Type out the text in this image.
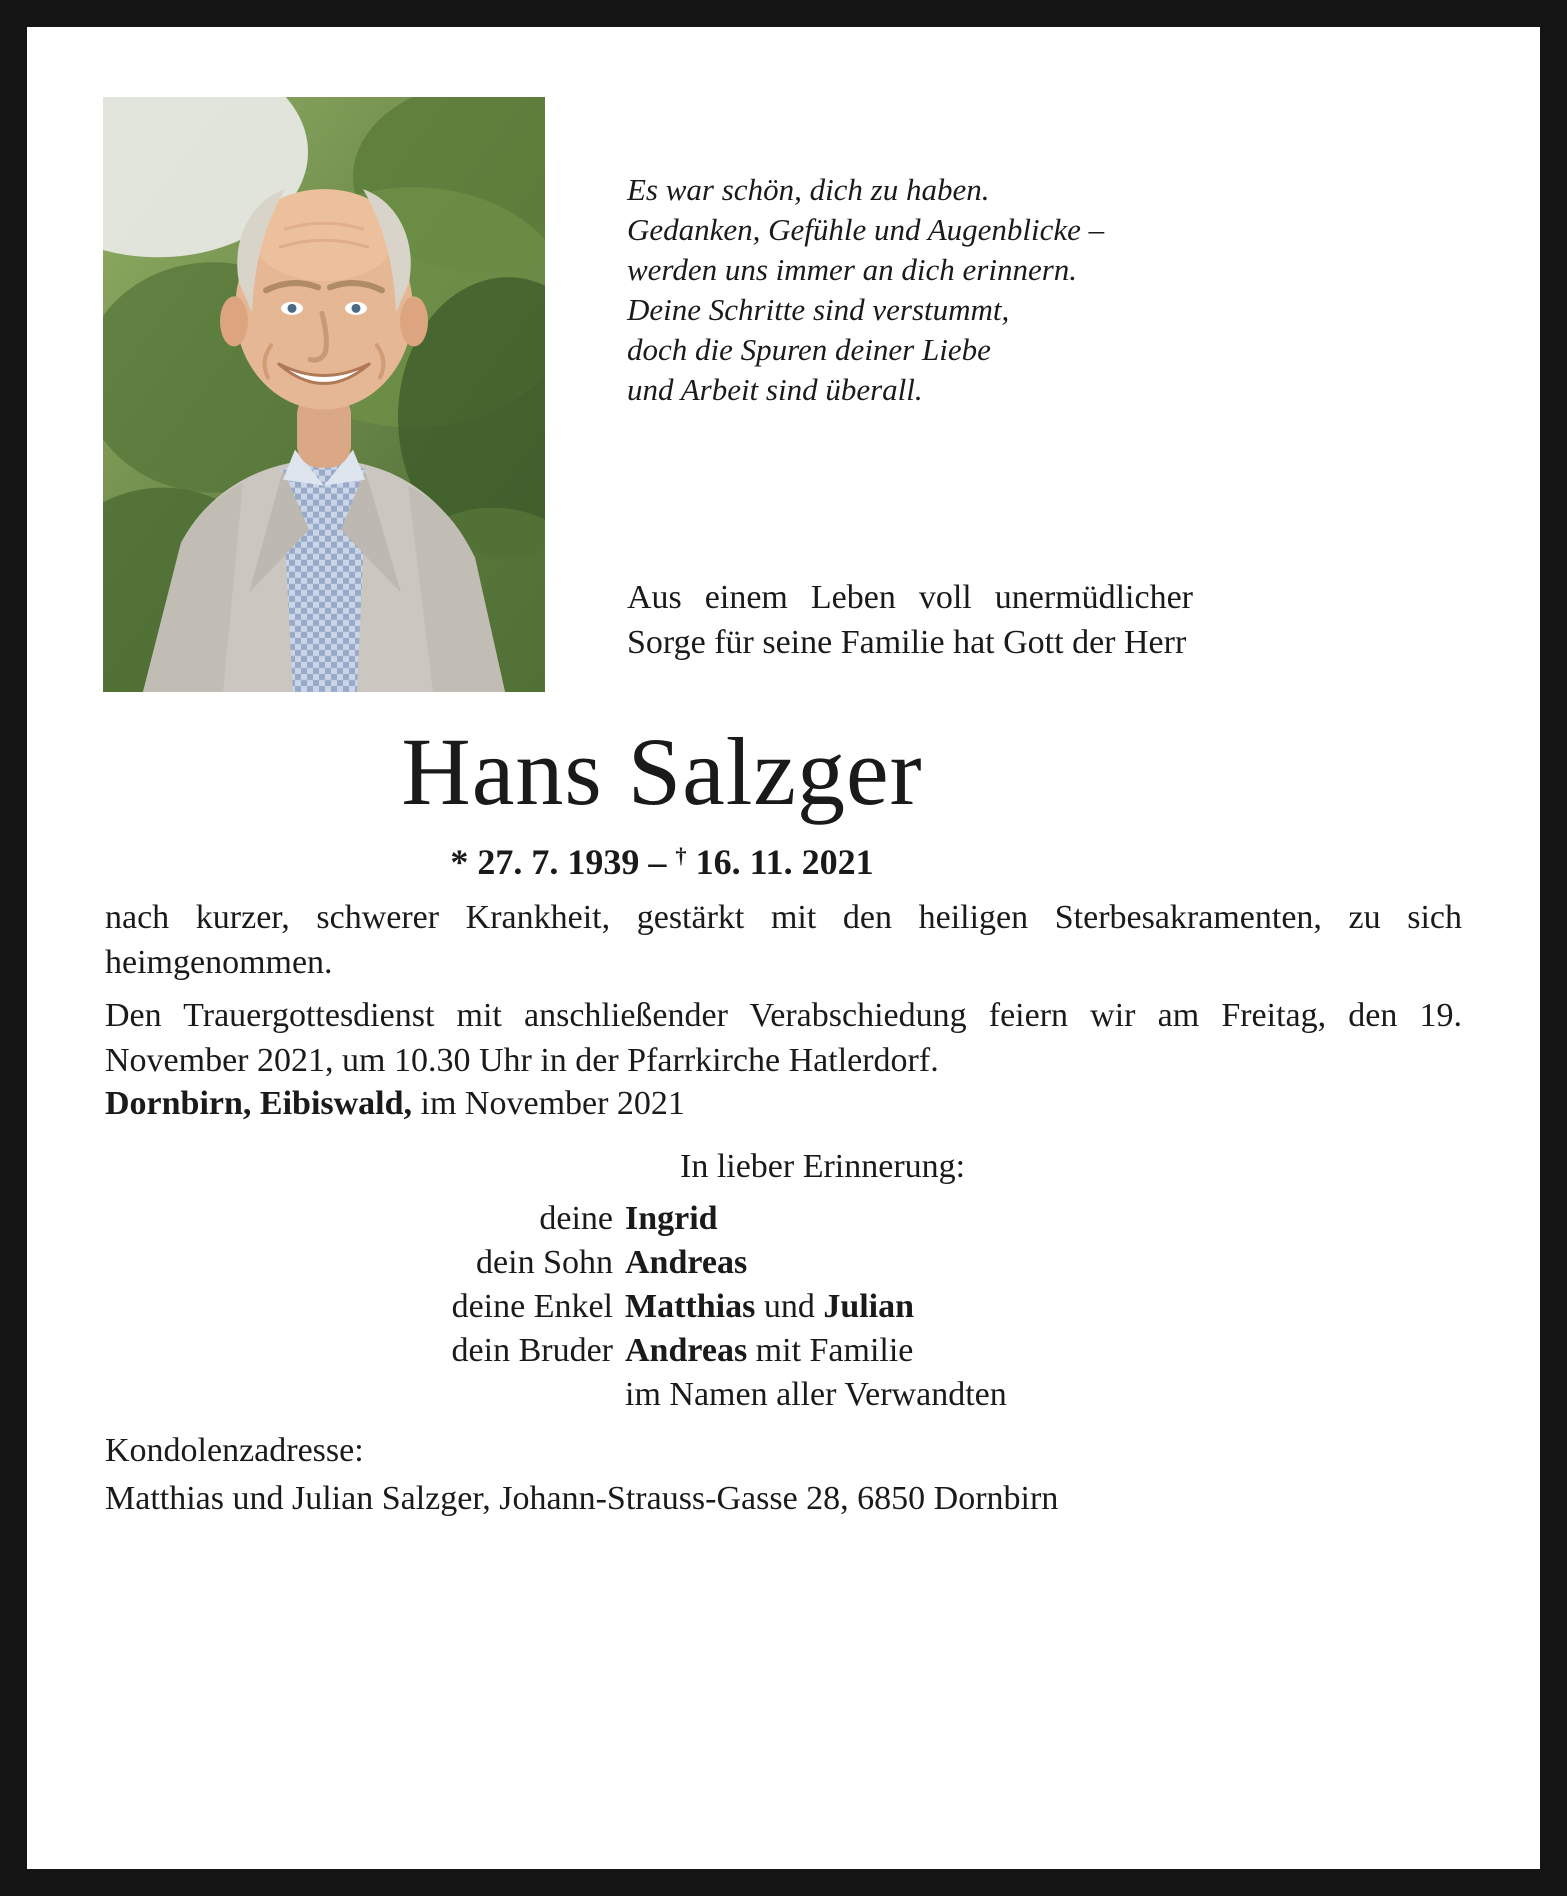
Es war schön, dich zu haben.
Gedanken, Gefühle und Augenblicke –
werden uns immer an dich erinnern.
Deine Schritte sind verstummt,
doch die Spuren deiner Liebe
und Arbeit sind überall.
Aus einem Leben voll unermüdlicher Sorge für seine Familie hat Gott der Herr
Hans Salzger
* 27. 7. 1939 – † 16. 11. 2021

nach kurzer, schwerer Krankheit, gestärkt mit den heiligen Sterbesakramenten, zu sich heimgenommen.

Den Trauergottesdienst mit anschließender Verabschiedung feiern wir am Freitag, den 19. November 2021, um 10.30 Uhr in der Pfarrkirche Hatlerdorf.

Dornbirn, Eibiswald, im November 2021
In lieber Erinnerung:
deine Ingrid
dein Sohn Andreas
deine Enkel Matthias und Julian
dein Bruder Andreas mit Familie
im Namen aller Verwandten
Kondolenzadresse:
Matthias und Julian Salzger, Johann-Strauss-Gasse 28, 6850 Dornbirn
